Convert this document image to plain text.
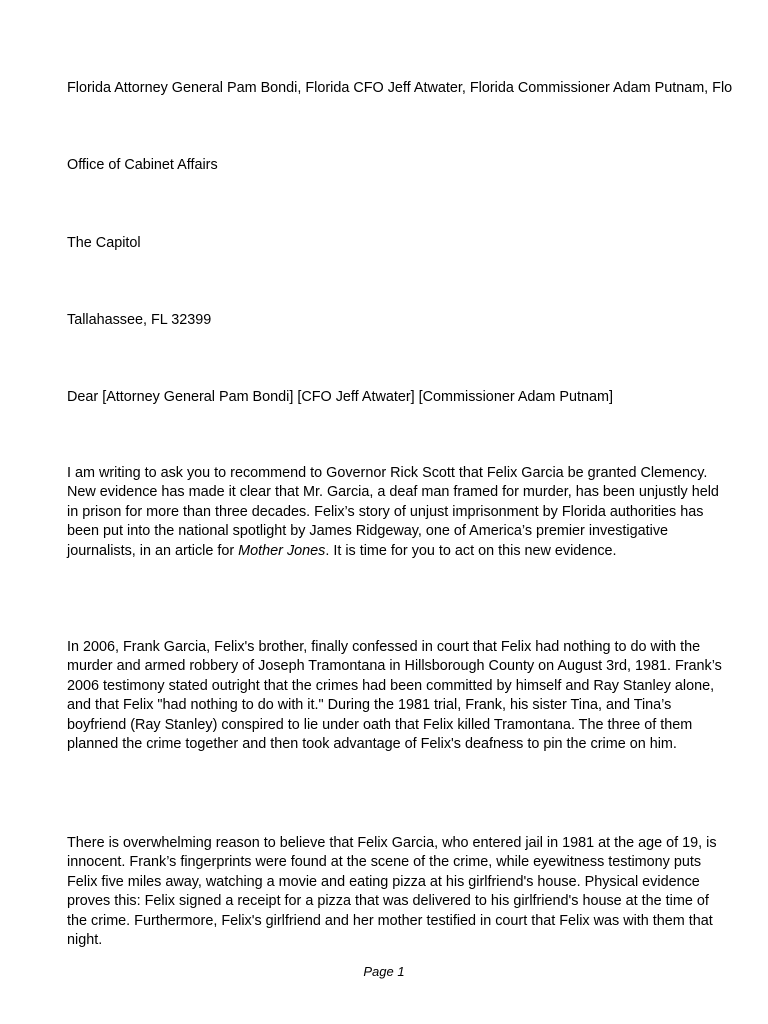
Florida Attorney General Pam Bondi, Florida CFO Jeff Atwater, Florida Commissioner Adam Putnam, Flo
Office of Cabinet Affairs
The Capitol
Tallahassee, FL 32399
Dear [Attorney General Pam Bondi] [CFO Jeff Atwater] [Commissioner Adam Putnam]

I am writing to ask you to recommend to Governor Rick Scott that Felix Garcia be granted Clemency. New evidence has made it clear that Mr. Garcia, a deaf man framed for murder, has been unjustly held in prison for more than three decades. Felix’s story of unjust imprisonment by Florida authorities has been put into the national spotlight by James Ridgeway, one of America’s premier investigative journalists, in an article for Mother Jones. It is time for you to act on this new evidence.

In 2006, Frank Garcia, Felix's brother, finally confessed in court that Felix had nothing to do with the murder and armed robbery of Joseph Tramontana in Hillsborough County on August 3rd, 1981. Frank’s 2006 testimony stated outright that the crimes had been committed by himself and Ray Stanley alone, and that Felix "had nothing to do with it." During the 1981 trial, Frank, his sister Tina, and Tina’s boyfriend (Ray Stanley) conspired to lie under oath that Felix killed Tramontana. The three of them planned the crime together and then took advantage of Felix's deafness to pin the crime on him.

There is overwhelming reason to believe that Felix Garcia, who entered jail in 1981 at the age of 19, is innocent. Frank’s fingerprints were found at the scene of the crime, while eyewitness testimony puts Felix five miles away, watching a movie and eating pizza at his girlfriend's house. Physical evidence proves this: Felix signed a receipt for a pizza that was delivered to his girlfriend's house at the time of the crime. Furthermore, Felix's girlfriend and her mother testified in court that Felix was with them that night.

Page 1
